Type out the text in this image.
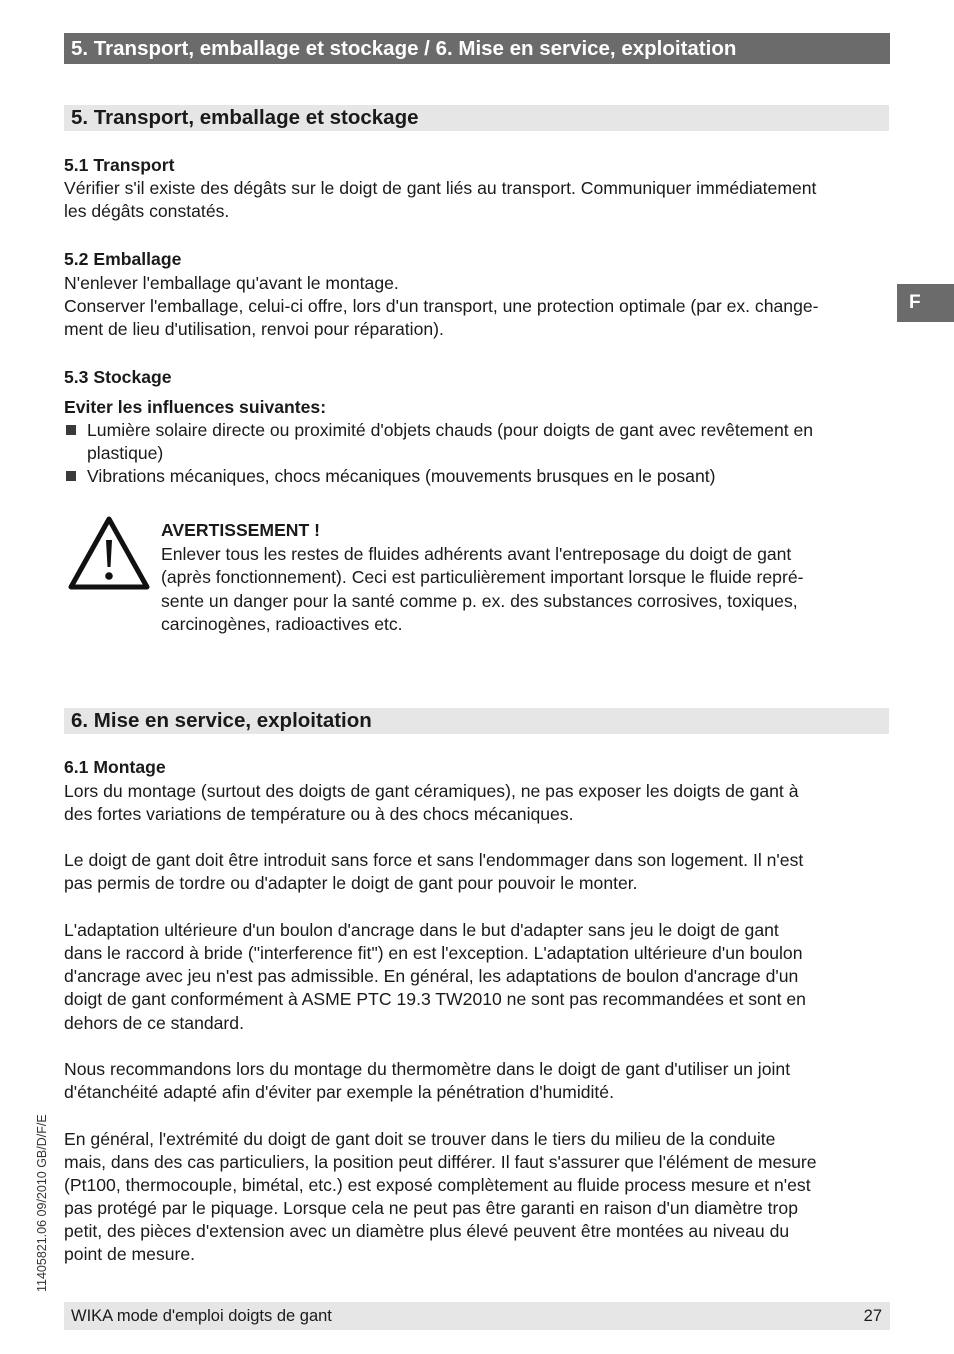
5. Transport, emballage et stockage / 6. Mise en service, exploitation
F
5. Transport, emballage et stockage
5.1 Transport
Vérifier s'il existe des dégâts sur le doigt de gant liés au transport. Communiquer immédiatement
les dégâts constatés.
5.2 Emballage
N'enlever l'emballage qu'avant le montage.
Conserver l'emballage, celui-ci offre, lors d'un transport, une protection optimale (par ex. change-
ment de lieu d'utilisation, renvoi pour réparation).
5.3 Stockage
Eviter les influences suivantes:
Lumière solaire directe ou proximité d'objets chauds (pour doigts de gant avec revêtement en
plastique)
Vibrations mécaniques, chocs mécaniques (mouvements brusques en le posant)
AVERTISSEMENT !
Enlever tous les restes de fluides adhérents avant l'entreposage du doigt de gant
(après fonctionnement). Ceci est particulièrement important lorsque le fluide repré-
sente un danger pour la santé comme p. ex. des substances corrosives, toxiques,
carcinogènes, radioactives etc.
6. Mise en service, exploitation
6.1 Montage
Lors du montage (surtout des doigts de gant céramiques), ne pas exposer les doigts de gant à
des fortes variations de température ou à des chocs mécaniques.
Le doigt de gant doit être introduit sans force et sans l'endommager dans son logement. Il n'est
pas permis de tordre ou d'adapter le doigt de gant pour pouvoir le monter.
L'adaptation ultérieure d'un boulon d'ancrage dans le but d'adapter sans jeu le doigt de gant
dans le raccord à bride ("interference fit") en est l'exception. L'adaptation ultérieure d'un boulon
d'ancrage avec jeu n'est pas admissible. En général, les adaptations de boulon d'ancrage d'un
doigt de gant conformément à ASME PTC 19.3 TW2010 ne sont pas recommandées et sont en
dehors de ce standard.
Nous recommandons lors du montage du thermomètre dans le doigt de gant d'utiliser un joint
d'étanchéité adapté afin d'éviter par exemple la pénétration d'humidité.
En général, l'extrémité du doigt de gant doit se trouver dans le tiers du milieu de la conduite
mais, dans des cas particuliers, la position peut différer. Il faut s'assurer que l'élément de mesure
(Pt100, thermocouple, bimétal, etc.) est exposé complètement au fluide process mesure et n'est
pas protégé par le piquage. Lorsque cela ne peut pas être garanti en raison d'un diamètre trop
petit, des pièces d'extension avec un diamètre plus élevé peuvent être montées au niveau du
point de mesure.
11405821.06 09/2010 GB/D/F/E
WIKA mode d'emploi doigts de gant	27
